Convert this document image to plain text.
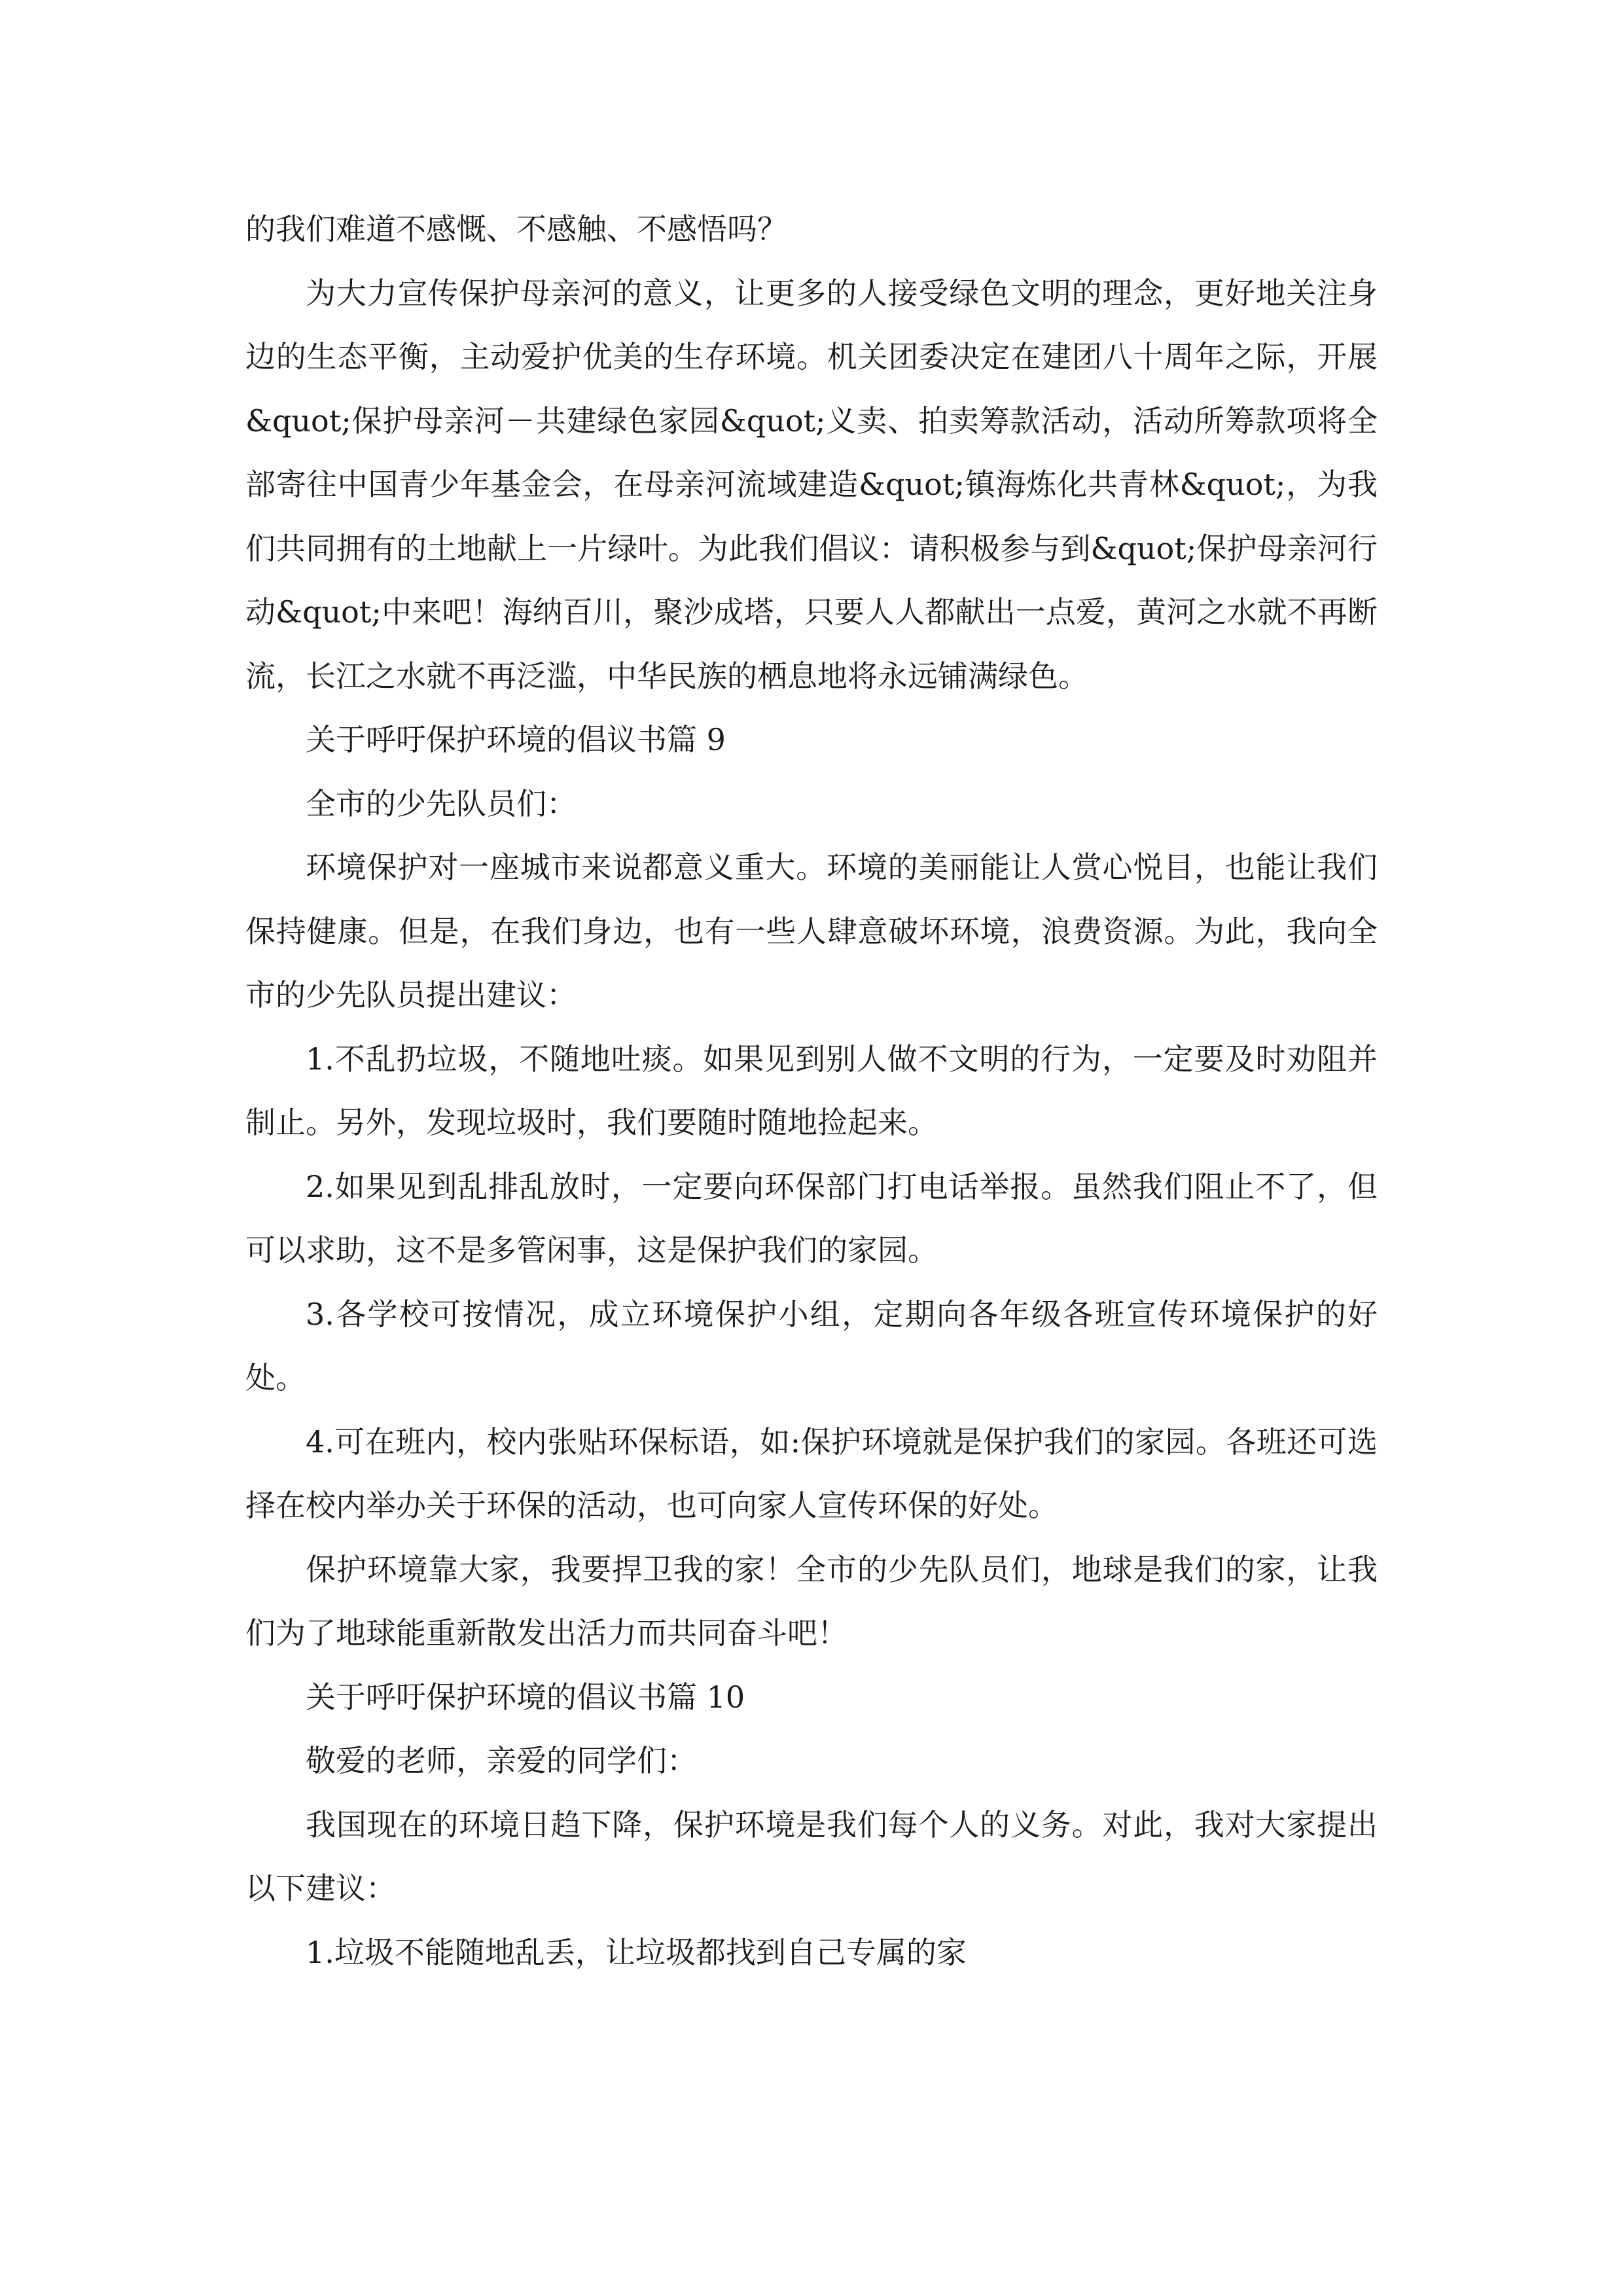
的我们难道不感慨、不感触、不感悟吗？

为大力宣传保护母亲河的意义，让更多的人接受绿色文明的理念，更好地关注身边的生态平衡，主动爱护优美的生存环境。机关团委决定在建团八十周年之际，开展&quot;保护母亲河－共建绿色家园&quot;义卖、拍卖筹款活动，活动所筹款项将全部寄往中国青少年基金会，在母亲河流域建造&quot;镇海炼化共青林&quot;，为我们共同拥有的土地献上一片绿叶。为此我们倡议：请积极参与到&quot;保护母亲河行动&quot;中来吧！海纳百川，聚沙成塔，只要人人都献出一点爱，黄河之水就不再断流，长江之水就不再泛滥，中华民族的栖息地将永远铺满绿色。

关于呼吁保护环境的倡议书篇 9

全市的少先队员们：

环境保护对一座城市来说都意义重大。环境的美丽能让人赏心悦目，也能让我们保持健康。但是，在我们身边，也有一些人肆意破坏环境，浪费资源。为此，我向全市的少先队员提出建议：

1.不乱扔垃圾，不随地吐痰。如果见到别人做不文明的行为，一定要及时劝阻并制止。另外，发现垃圾时，我们要随时随地捡起来。

2.如果见到乱排乱放时，一定要向环保部门打电话举报。虽然我们阻止不了，但可以求助，这不是多管闲事，这是保护我们的家园。

3.各学校可按情况，成立环境保护小组，定期向各年级各班宣传环境保护的好处。

4.可在班内，校内张贴环保标语，如:保护环境就是保护我们的家园。各班还可选择在校内举办关于环保的活动，也可向家人宣传环保的好处。

保护环境靠大家，我要捍卫我的家！全市的少先队员们，地球是我们的家，让我们为了地球能重新散发出活力而共同奋斗吧！

关于呼吁保护环境的倡议书篇 10

敬爱的老师，亲爱的同学们：

我国现在的环境日趋下降，保护环境是我们每个人的义务。对此，我对大家提出以下建议：

1.垃圾不能随地乱丢，让垃圾都找到自己专属的家
